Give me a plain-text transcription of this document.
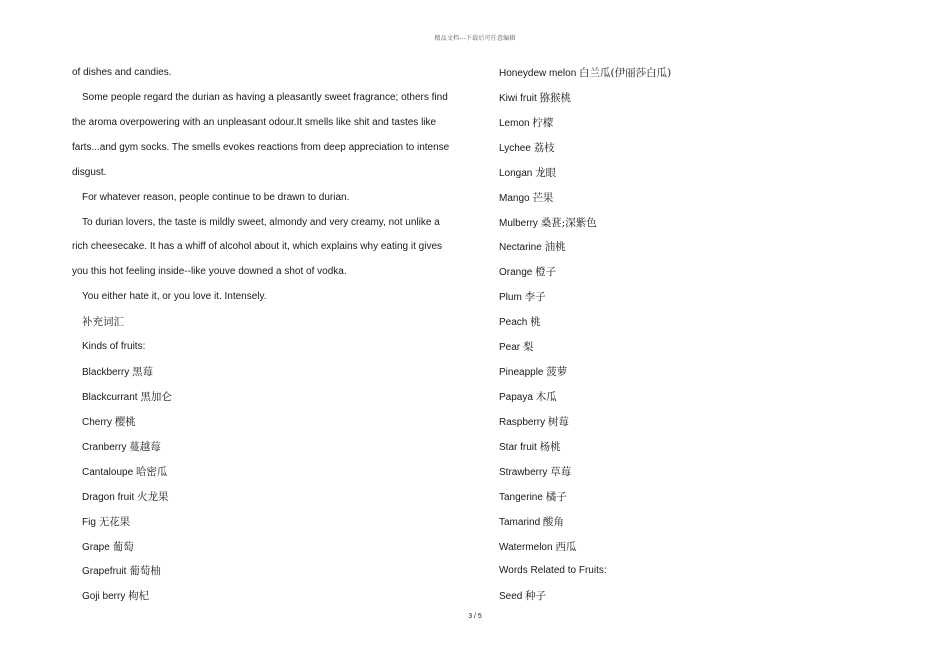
精品文档---下载后可任意编辑
of dishes and candies.
Some people regard the durian as having a pleasantly sweet fragrance; others find
the aroma overpowering with an unpleasant odour.It smells like shit and tastes like
farts...and gym socks. The smells evokes reactions from deep appreciation to intense
disgust.
For whatever reason, people continue to be drawn to durian.
To durian lovers, the taste is mildly sweet, almondy and very creamy, not unlike a
rich cheesecake. It has a whiff of alcohol about it, which explains why eating it gives
you this hot feeling inside--like youve downed a shot of vodka.
You either hate it, or you love it. Intensely.
补充词汇
Kinds of fruits:
Blackberry 黑莓
Blackcurrant 黑加仑
Cherry 樱桃
Cranberry 蔓越莓
Cantaloupe 哈密瓜
Dragon fruit 火龙果
Fig 无花果
Grape 葡萄
Grapefruit 葡萄柚
Goji berry 枸杞
Honeydew melon 白兰瓜(伊丽莎白瓜)
Kiwi fruit 猕猴桃
Lemon 柠檬
Lychee 荔枝
Longan 龙眼
Mango 芒果
Mulberry 桑葚;深紫色
Nectarine 油桃
Orange 橙子
Plum 李子
Peach 桃
Pear 梨
Pineapple 菠萝
Papaya 木瓜
Raspberry 树莓
Star fruit 杨桃
Strawberry 草莓
Tangerine 橘子
Tamarind 酸角
Watermelon 西瓜
Words Related to Fruits:
Seed 种子
3 / 5
